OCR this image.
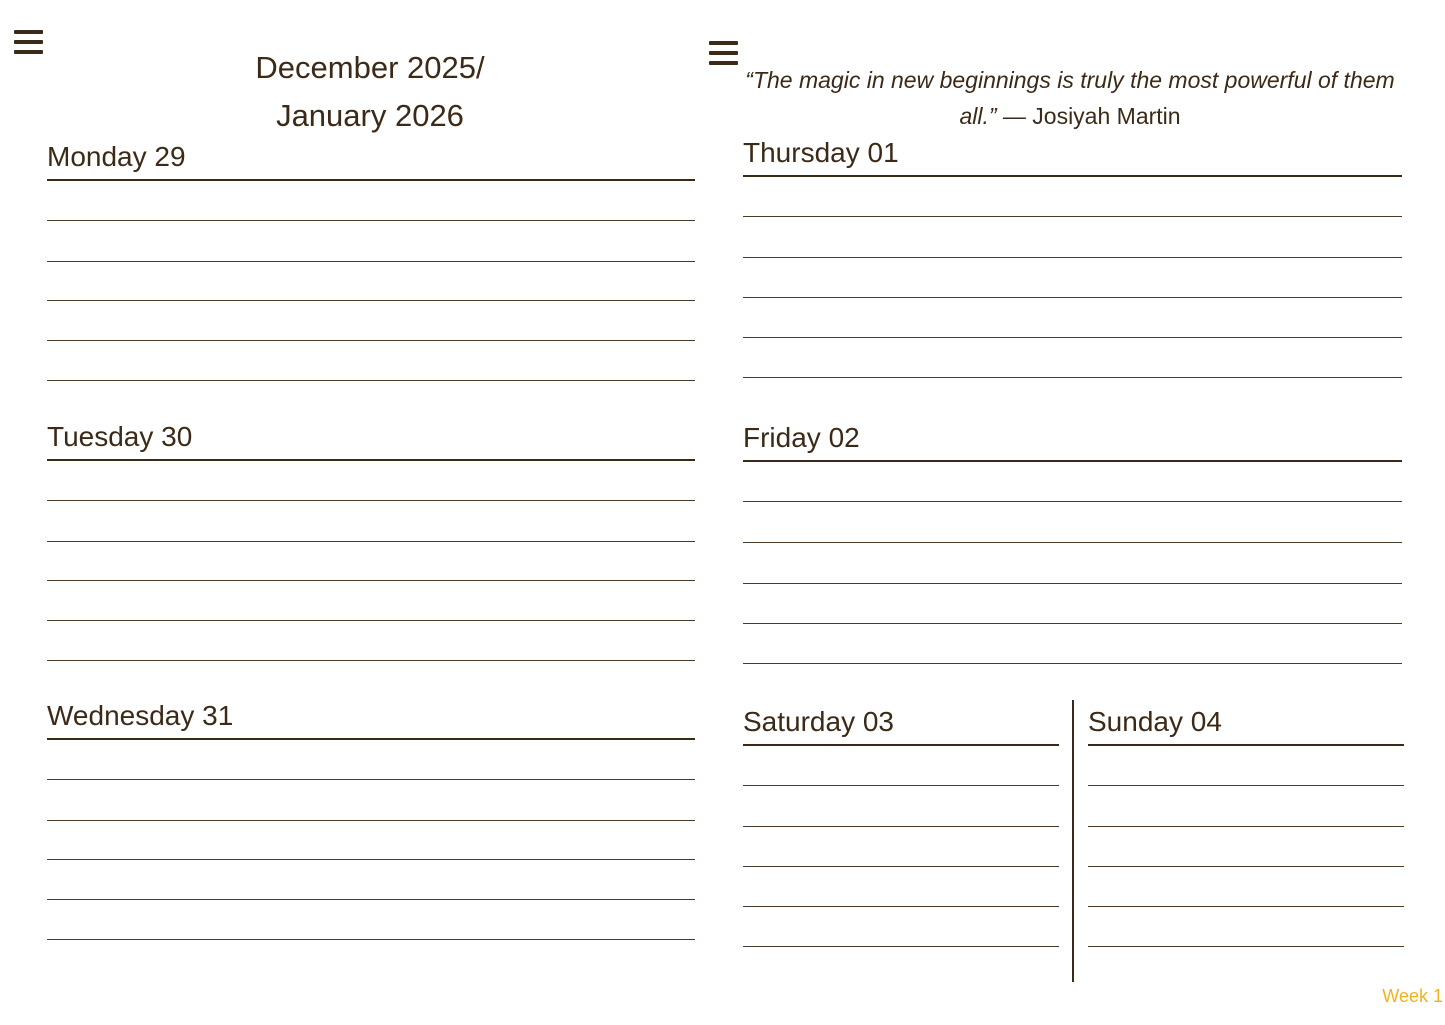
December 2025/
January 2026
“The magic in new beginnings is truly the most powerful of them all.” — Josiyah Martin
Monday 29
Tuesday 30
Wednesday 31
Thursday 01
Friday 02
Saturday 03	Sunday 04
Week 1
